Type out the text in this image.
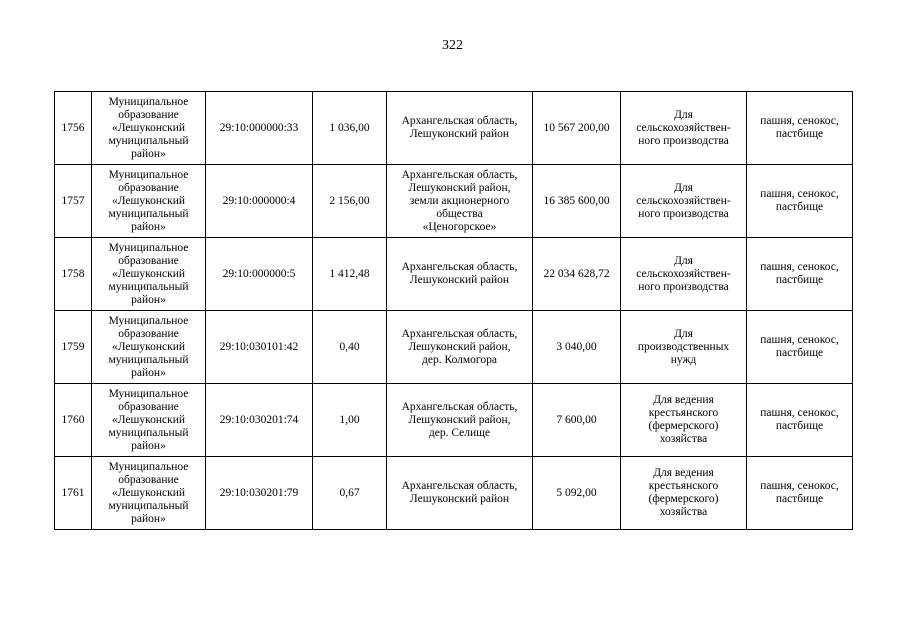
322
1756	Муниципальное
образование
«Лешуконский
муниципальный
район»	29:10:000000:33	1 036,00	Архангельская область,
Лешуконский район	10 567 200,00	Для
сельскохозяйствен-
ного производства	пашня, сенокос,
пастбище

1757	Муниципальное
образование
«Лешуконский
муниципальный
район»	29:10:000000:4	2 156,00	Архангельская область,
Лешуконский район,
земли акционерного
общества
«Ценогорское»	16 385 600,00	Для
сельскохозяйствен-
ного производства	пашня, сенокос,
пастбище

1758	Муниципальное
образование
«Лешуконский
муниципальный
район»	29:10:000000:5	1 412,48	Архангельская область,
Лешуконский район	22 034 628,72	Для
сельскохозяйствен-
ного производства	пашня, сенокос,
пастбище

1759	Муниципальное
образование
«Лешуконский
муниципальный
район»	29:10:030101:42	0,40	Архангельская область,
Лешуконский район,
дер. Колмогора	3 040,00	Для
производственных
нужд	пашня, сенокос,
пастбище

1760	Муниципальное
образование
«Лешуконский
муниципальный
район»	29:10:030201:74	1,00	Архангельская область,
Лешуконский район,
дер. Селище	7 600,00	Для ведения
крестьянского
(фермерского)
хозяйства	пашня, сенокос,
пастбище

1761	Муниципальное
образование
«Лешуконский
муниципальный
район»	29:10:030201:79	0,67	Архангельская область,
Лешуконский район	5 092,00	Для ведения
крестьянского
(фермерского)
хозяйства	пашня, сенокос,
пастбище
